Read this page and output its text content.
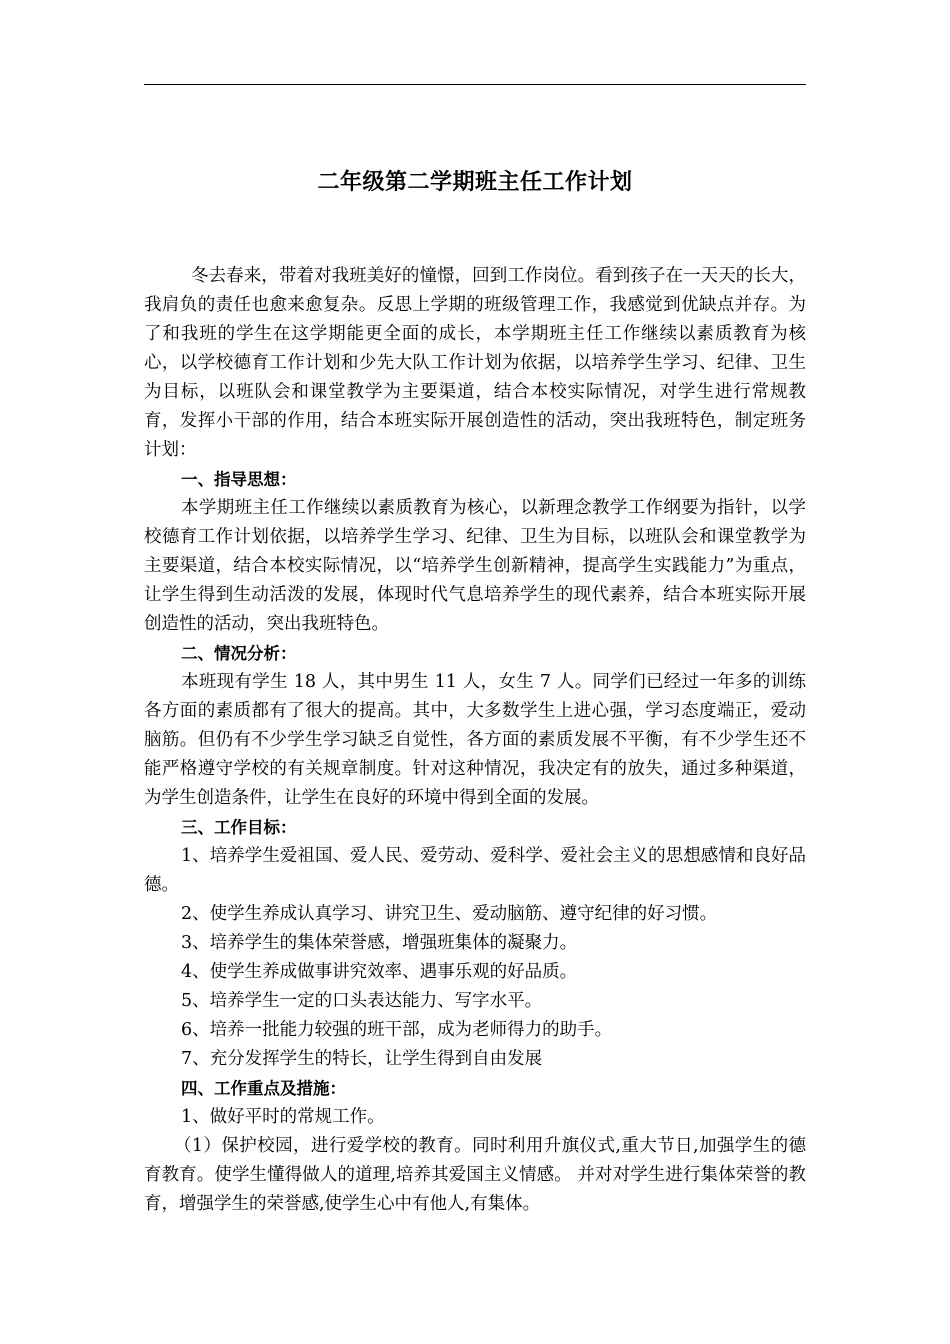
二年级第二学期班主任工作计划

冬去春来，带着对我班美好的憧憬，回到工作岗位。看到孩子在一天天的长大，我肩负的责任也愈来愈复杂。反思上学期的班级管理工作，我感觉到优缺点并存。为了和我班的学生在这学期能更全面的成长，本学期班主任工作继续以素质教育为核心，以学校德育工作计划和少先大队工作计划为依据，以培养学生学习、纪律、卫生为目标，以班队会和课堂教学为主要渠道，结合本校实际情况，对学生进行常规教育，发挥小干部的作用，结合本班实际开展创造性的活动，突出我班特色，制定班务计划：

一、指导思想：

本学期班主任工作继续以素质教育为核心，以新理念教学工作纲要为指针，以学校德育工作计划依据，以培养学生学习、纪律、卫生为目标，以班队会和课堂教学为主要渠道，结合本校实际情况，以“培养学生创新精神，提高学生实践能力”为重点，让学生得到生动活泼的发展，体现时代气息培养学生的现代素养，结合本班实际开展创造性的活动，突出我班特色。

二、情况分析：

本班现有学生 18 人，其中男生 11 人，女生 7 人。同学们已经过一年多的训练各方面的素质都有了很大的提高。其中，大多数学生上进心强，学习态度端正，爱动脑筋。但仍有不少学生学习缺乏自觉性，各方面的素质发展不平衡，有不少学生还不能严格遵守学校的有关规章制度。针对这种情况，我决定有的放失，通过多种渠道，为学生创造条件，让学生在良好的环境中得到全面的发展。

三、工作目标：

1、培养学生爱祖国、爱人民、爱劳动、爱科学、爱社会主义的思想感情和良好品德。

2、使学生养成认真学习、讲究卫生、爱动脑筋、遵守纪律的好习惯。

3、培养学生的集体荣誉感，增强班集体的凝聚力。

4、使学生养成做事讲究效率、遇事乐观的好品质。

5、培养学生一定的口头表达能力、写字水平。

6、培养一批能力较强的班干部，成为老师得力的助手。

7、充分发挥学生的特长，让学生得到自由发展

四、工作重点及措施：

1、做好平时的常规工作。

（1）保护校园，进行爱学校的教育。同时利用升旗仪式,重大节日,加强学生的德育教育。使学生懂得做人的道理,培养其爱国主义情感。 并对对学生进行集体荣誉的教育，增强学生的荣誉感,使学生心中有他人,有集体。
